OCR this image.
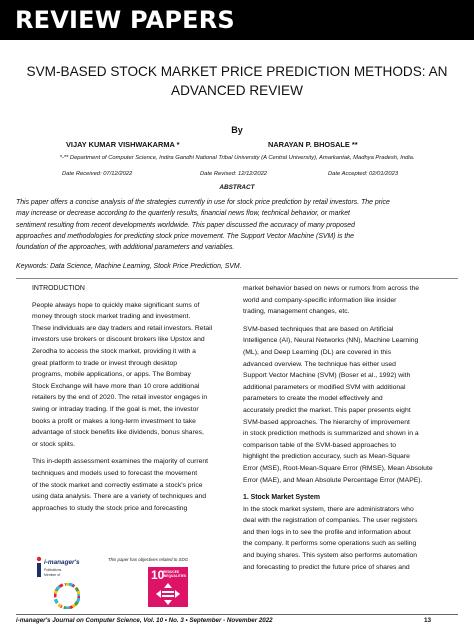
REVIEW PAPERS
SVM-BASED STOCK MARKET PRICE PREDICTION METHODS: AN
ADVANCED REVIEW
By
VIJAY KUMAR VISHWAKARMA *	NARAYAN P. BHOSALE **
*-** Department of Computer Science, Indira Gandhi National Tribal University (A Central University), Amarkantak, Madhya Pradesh, India.
Date Received: 07/12/2022	Date Revised: 12/12/2022	Date Accepted: 02/01/2023
ABSTRACT
This paper offers a concise analysis of the strategies currently in use for stock price prediction by retail investors. The price
may increase or decrease according to the quarterly results, financial news flow, technical behavior, or market
sentiment resulting from recent developments worldwide. This paper discussed the accuracy of many proposed
approaches and methodologies for predicting stock price movement. The Support Vector Machine (SVM) is the
foundation of the approaches, with additional parameters and variables.
Keywords: Data Science, Machine Learning, Stock Price Prediction, SVM.
INTRODUCTION

People always hope to quickly make significant sums of
money through stock market trading and investment.
These individuals are day traders and retail investors. Retail
investors use brokers or discount brokers like Upstox and
Zerodha to access the stock market, providing it with a
great platform to trade or invest through desktop
programs, mobile applications, or apps. The Bombay
Stock Exchange will have more than 10 crore additional
retailers by the end of 2020. The retail investor engages in
swing or intraday trading. If the goal is met, the investor
books a profit or makes a long-term investment to take
advantage of stock benefits like dividends, bonus shares,
or stock splits.

This in-depth assessment examines the majority of current
techniques and models used to forecast the movement
of the stock market and correctly estimate a stock's price
using data analysis. There are a variety of techniques and
approaches to study the stock price and forecasting

market behavior based on news or rumors from across the
world and company-specific information like insider
trading, management changes, etc.

SVM-based techniques that are based on Artificial
Intelligence (AI), Neural Networks (NN), Machine Learning
(ML), and Deep Learning (DL) are covered in this
advanced overview. The technique has either used
Support Vector Machine (SVM) (Boser et al., 1992) with
additional parameters or modified SVM with additional
parameters to create the model effectively and
accurately predict the market. This paper presents eight
SVM-based approaches. The hierarchy of improvement
in stock prediction methods is summarized and shown in a
comparison table of the SVM-based approaches to
highlight the prediction accuracy, such as Mean-Square
Error (MSE), Root-Mean-Square Error (RMSE), Mean Absolute
Error (MAE), and Mean Absolute Percentage Error (MAPE).

1. Stock Market System

In the stock market system, there are administrators who
deal with the registration of companies. The user registers
and then logs in to see the profile and information about
the company. It performs some operations such as selling
and buying shares. This system also performs automation
and forecasting to predict the future price of shares and

i-manager's
Publications
Member of
This paper has objectives related to SDG
10
REDUCED INEQUALITIES
i-manager's Journal on Computer Science, Vol. 10 • No. 3 • September - November 2022	13
